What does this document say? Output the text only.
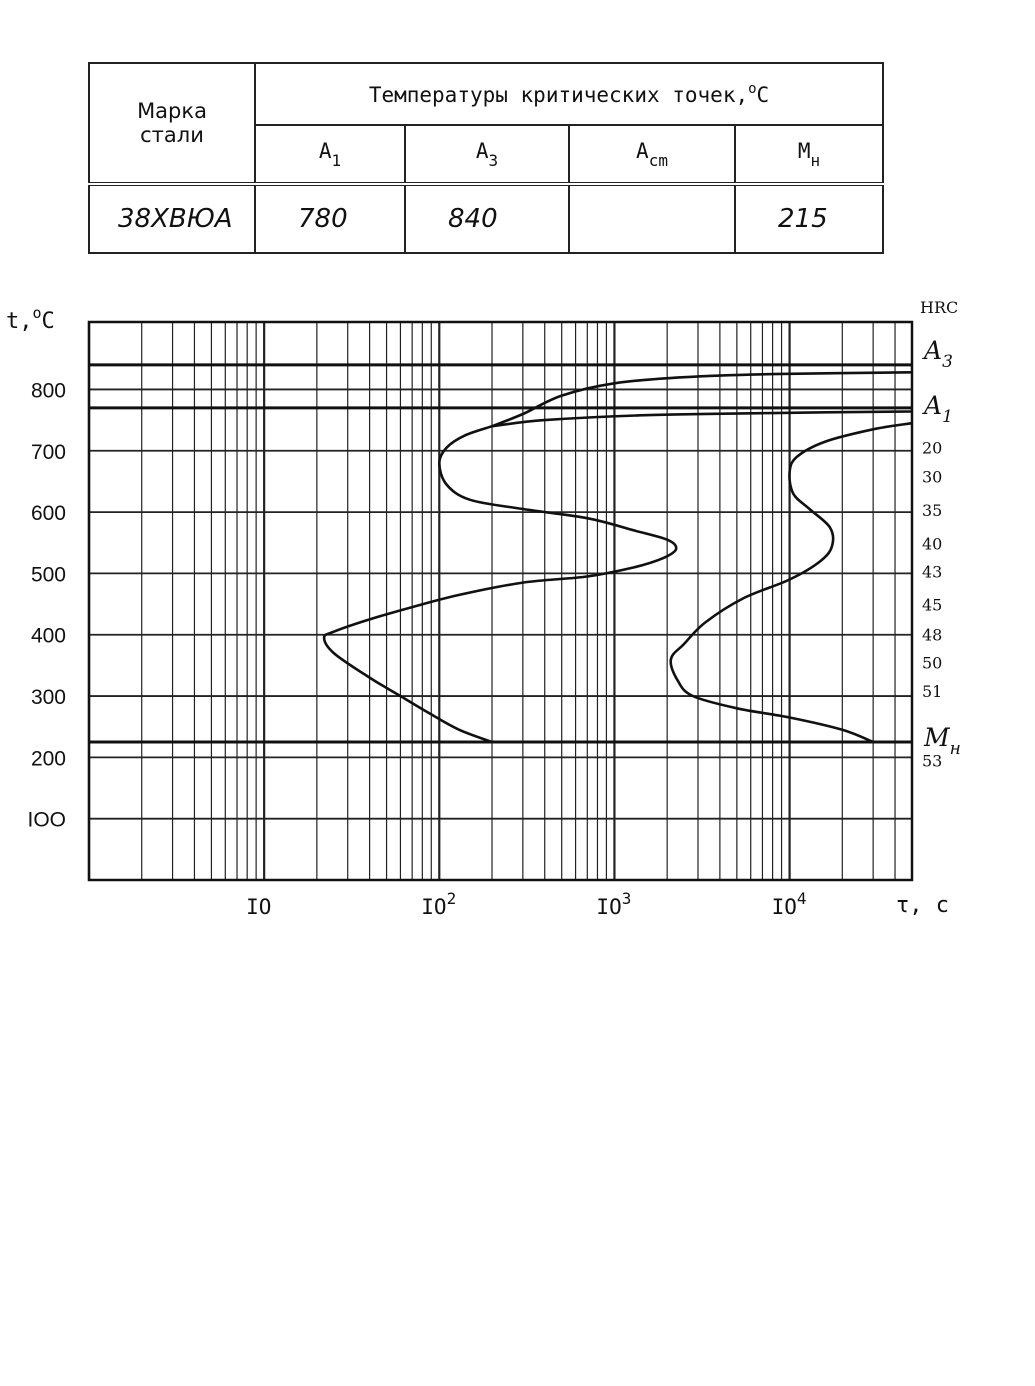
Марка стали	Температуры критических точек,$^o$C			
	$A_1$	$A_3$	$A_{cm}$	$M_н$
38ХВЮА	780	840		215
IOO
200
300
400
500
600
700
800
IO	$IO^2$	$IO^3$	$IO^4$
t,$^o$C
τ, c
HRC
20
30
35
40
43
45
48
50
51
53
$A_3$
$A_1$
$M_н$
